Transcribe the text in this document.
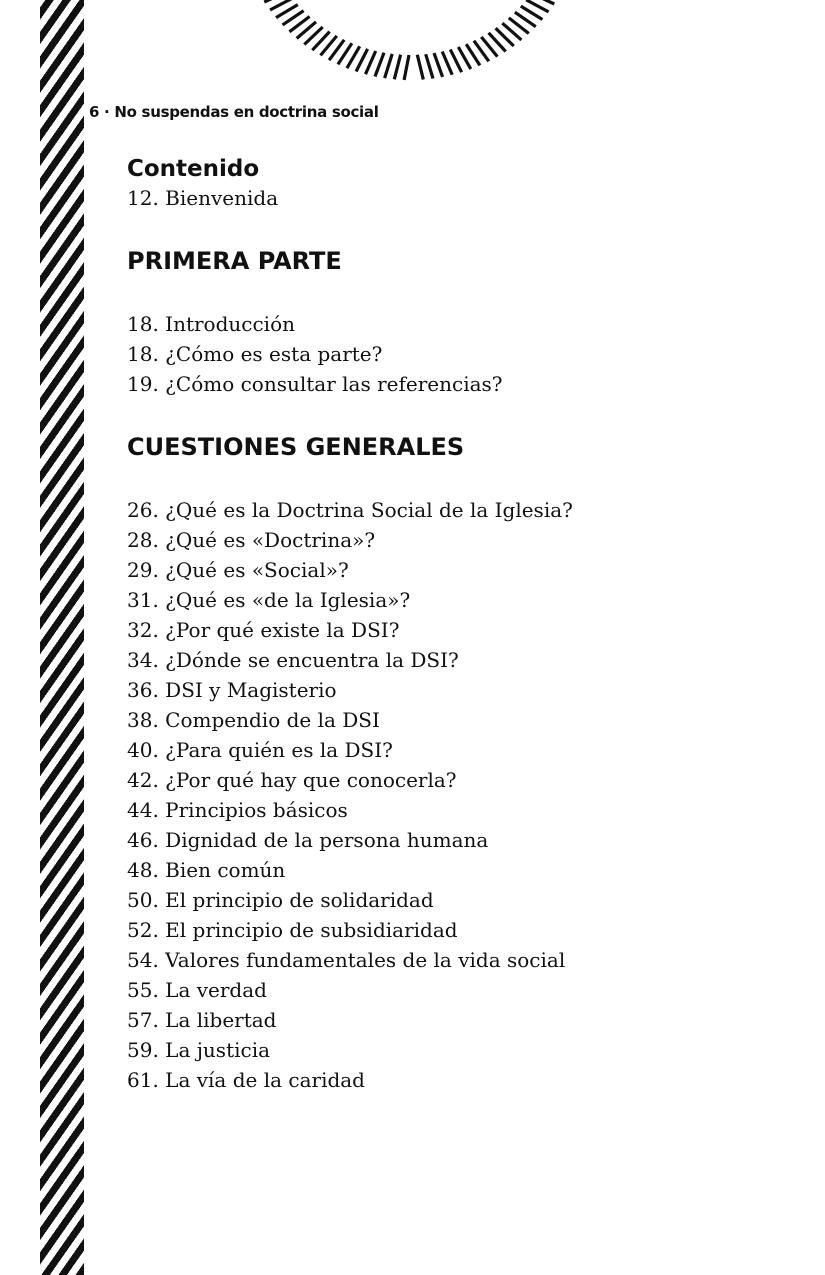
6 · No suspendas en doctrina social
Contenido
12. Bienvenida
PRIMERA PARTE
18. Introducción
18. ¿Cómo es esta parte?
19. ¿Cómo consultar las referencias?
CUESTIONES GENERALES
26. ¿Qué es la Doctrina Social de la Iglesia?
28. ¿Qué es «Doctrina»?
29. ¿Qué es «Social»?
31. ¿Qué es «de la Iglesia»?
32. ¿Por qué existe la DSI?
34. ¿Dónde se encuentra la DSI?
36. DSI y Magisterio
38. Compendio de la DSI
40. ¿Para quién es la DSI?
42. ¿Por qué hay que conocerla?
44. Principios básicos
46. Dignidad de la persona humana
48. Bien común
50. El principio de solidaridad
52. El principio de subsidiaridad
54. Valores fundamentales de la vida social
55. La verdad
57. La libertad
59. La justicia
61. La vía de la caridad
